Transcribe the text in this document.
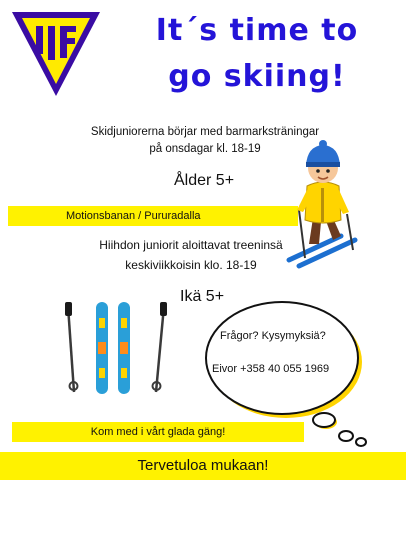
It´s time to
go skiing!
Skidjuniorerna börjar med barmarksträningar
på onsdagar kl. 18-19
Ålder 5+
Motionsbanan / Pururadalla
Hiihdon juniorit aloittavat treeninsä
keskiviikkoisin klo. 18-19
Ikä 5+
Frågor? Kysymyksiä?
Eivor +358 40 055 1969
Kom med i vårt glada gäng!
Tervetuloa mukaan!
